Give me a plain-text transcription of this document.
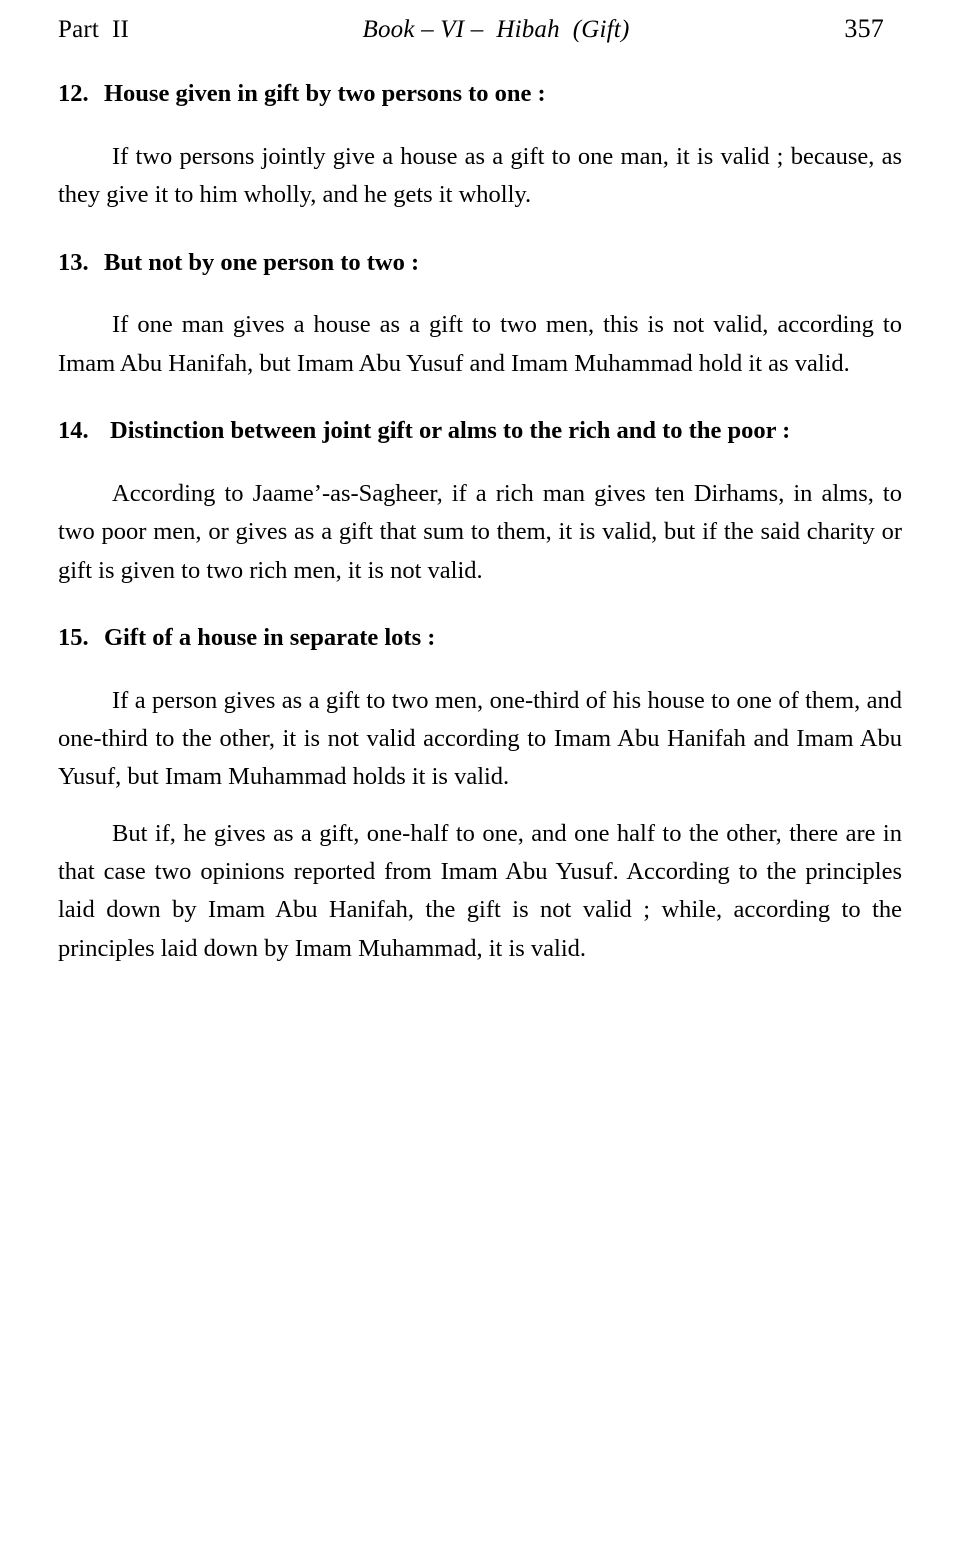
Part  II	Book – VI –  Hibah  (Gift)	357
12. House given in gift by two persons to one :

If two persons jointly give a house as a gift to one man, it is valid ; because, as they give it to him wholly, and he gets it wholly.

13. But not by one person to two :

If one man gives a house as a gift to two men, this is not valid, according to Imam Abu Hanifah, but Imam Abu Yusuf and Imam Muhammad hold it as valid.

14. Distinction between joint gift or alms to the rich and to the poor :

According to Jaame’-as-Sagheer, if a rich man gives ten Dirhams, in alms, to two poor men, or gives as a gift that sum to them, it is valid, but if the said charity or gift is given to two rich men, it is not valid.

15. Gift of a house in separate lots :

If a person gives as a gift to two men, one-third of his house to one of them, and one-third to the other, it is not valid according to Imam Abu Hanifah and Imam Abu Yusuf, but Imam Muhammad holds it is valid.

But if, he gives as a gift, one-half to one, and one half to the other, there are in that case two opinions reported from Imam Abu Yusuf. According to the principles laid down by Imam Abu Hanifah, the gift is not valid ; while, according to the principles laid down by Imam Muhammad, it is valid.
